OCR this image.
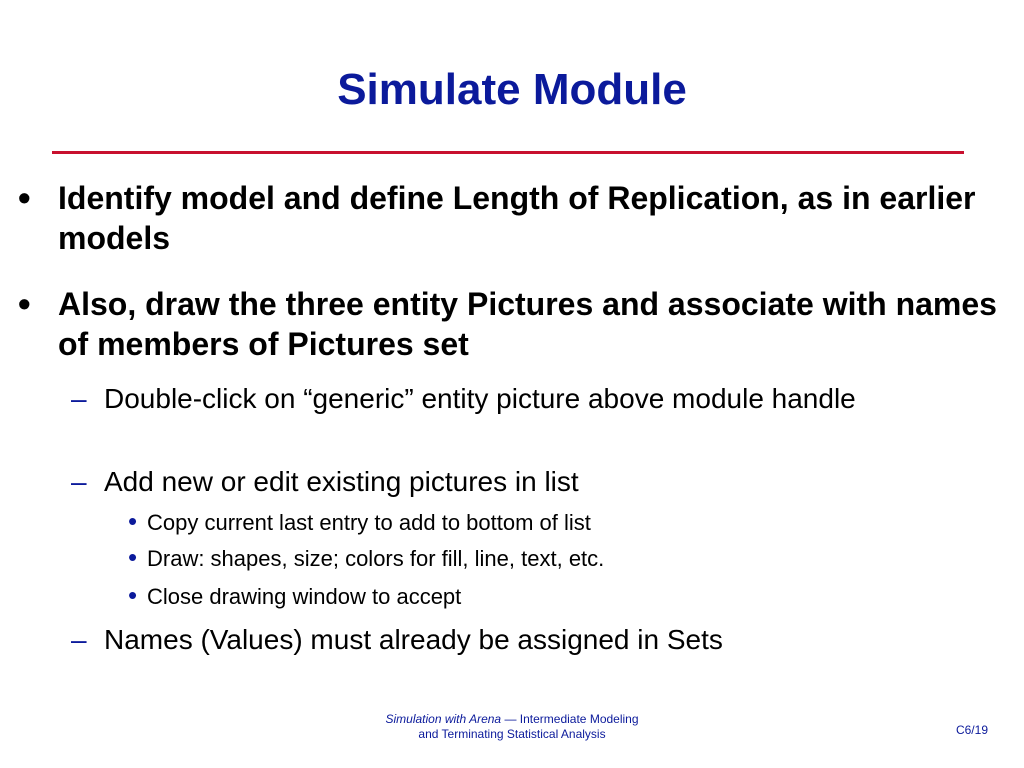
Simulate Module
• Identify model and define Length of Replication, as in earlier models
• Also, draw the three entity Pictures and associate with names of members of Pictures set
– Double-click on “generic” entity picture above module handle
– Add new or edit existing pictures in list
• Copy current last entry to add to bottom of list
• Draw: shapes, size; colors for fill, line, text, etc.
• Close drawing window to accept
– Names (Values) must already be assigned in Sets
Simulation with Arena — Intermediate Modeling
and Terminating Statistical Analysis	C6/19
